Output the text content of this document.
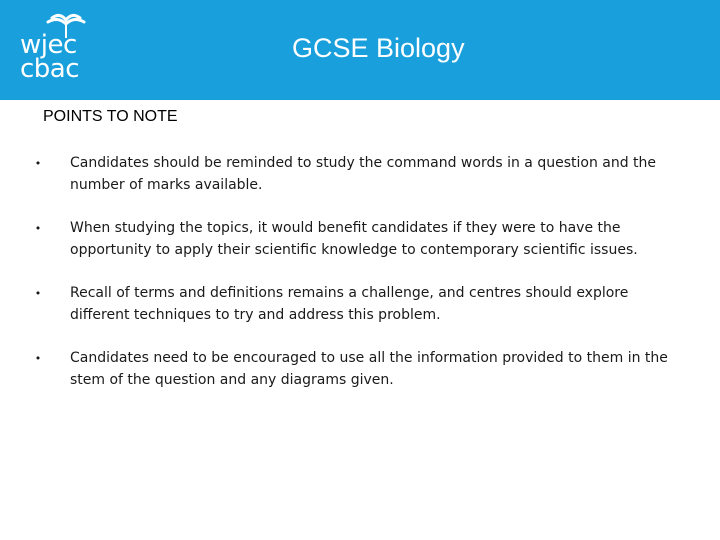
wjec
cbac
GCSE Biology
POINTS TO NOTE
•	Candidates should be reminded to study the command words in a question and the number of marks available.
•	When studying the topics, it would benefit candidates if they were to have the opportunity to apply their scientific knowledge to contemporary scientific issues.
•	Recall of terms and definitions remains a challenge, and centres should explore different techniques to try and address this problem.
•	Candidates need to be encouraged to use all the information provided to them in the stem of the question and any diagrams given.
